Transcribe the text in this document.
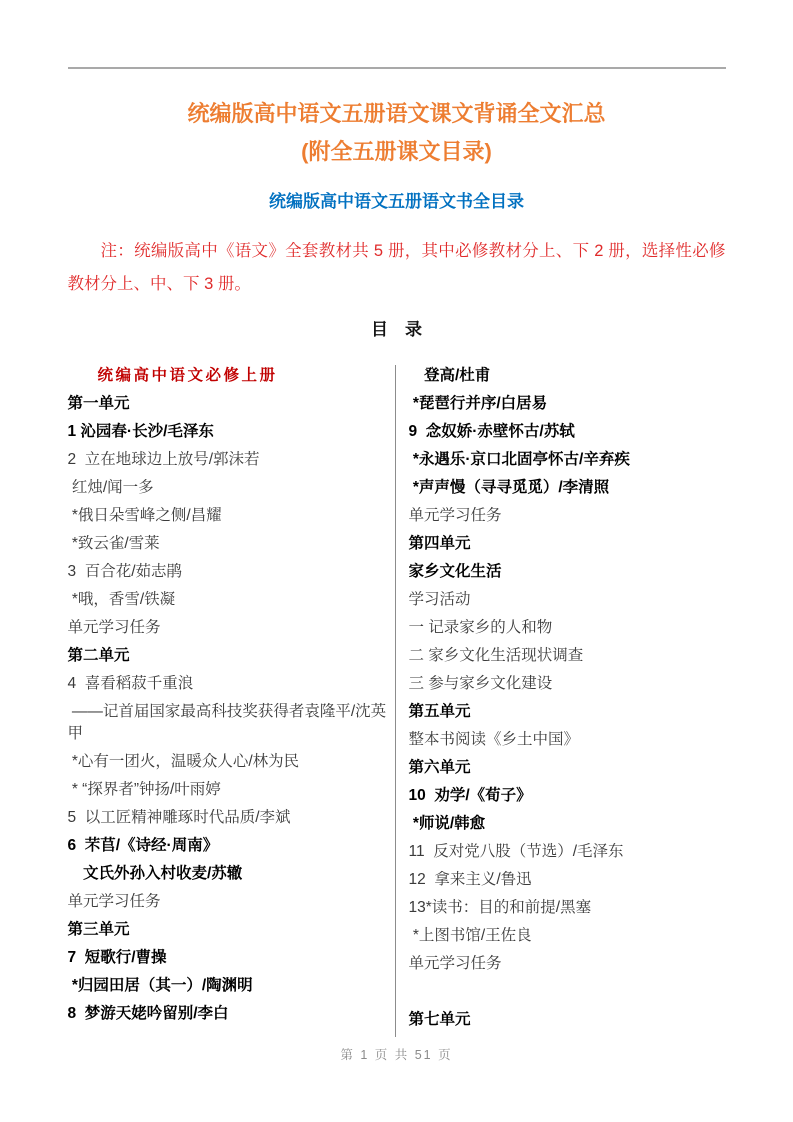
统编版高中语文五册语文课文背诵全文汇总
(附全五册课文目录)
统编版高中语文五册语文书全目录

注：统编版高中《语文》全套教材共 5 册，其中必修教材分上、下 2 册，选择性必修教材分上、中、下 3 册。

目　录
统编高中语文必修上册
第一单元
1 沁园春·长沙/毛泽东
2  立在地球边上放号/郭沫若
红烛/闻一多
*俄日朵雪峰之侧/昌耀
*致云雀/雪莱
3  百合花/茹志鹃
*哦，香雪/铁凝
单元学习任务
第二单元
4  喜看稻菽千重浪
——记首届国家最高科技奖获得者袁隆平/沈英甲
*心有一团火，温暖众人心/林为民
* “探界者”钟扬/叶雨婷
5  以工匠精神雕琢时代品质/李斌
6  芣苢/《诗经·周南》
　文氏外孙入村收麦/苏辙
单元学习任务
第三单元
7  短歌行/曹操
*归园田居（其一）/陶渊明
8  梦游天姥吟留别/李白
　登高/杜甫
*琵琶行并序/白居易
9  念奴娇·赤壁怀古/苏轼
*永遇乐·京口北固亭怀古/辛弃疾
*声声慢（寻寻觅觅）/李清照
单元学习任务
第四单元
家乡文化生活
学习活动
一 记录家乡的人和物
二 家乡文化生活现状调查
三 参与家乡文化建设
第五单元
整本书阅读《乡土中国》
第六单元
10  劝学/《荀子》
*师说/韩愈
11  反对党八股（节选）/毛泽东
12  拿来主义/鲁迅
13*读书：目的和前提/黑塞
*上图书馆/王佐良
单元学习任务
第七单元
第 1 页 共 51 页
